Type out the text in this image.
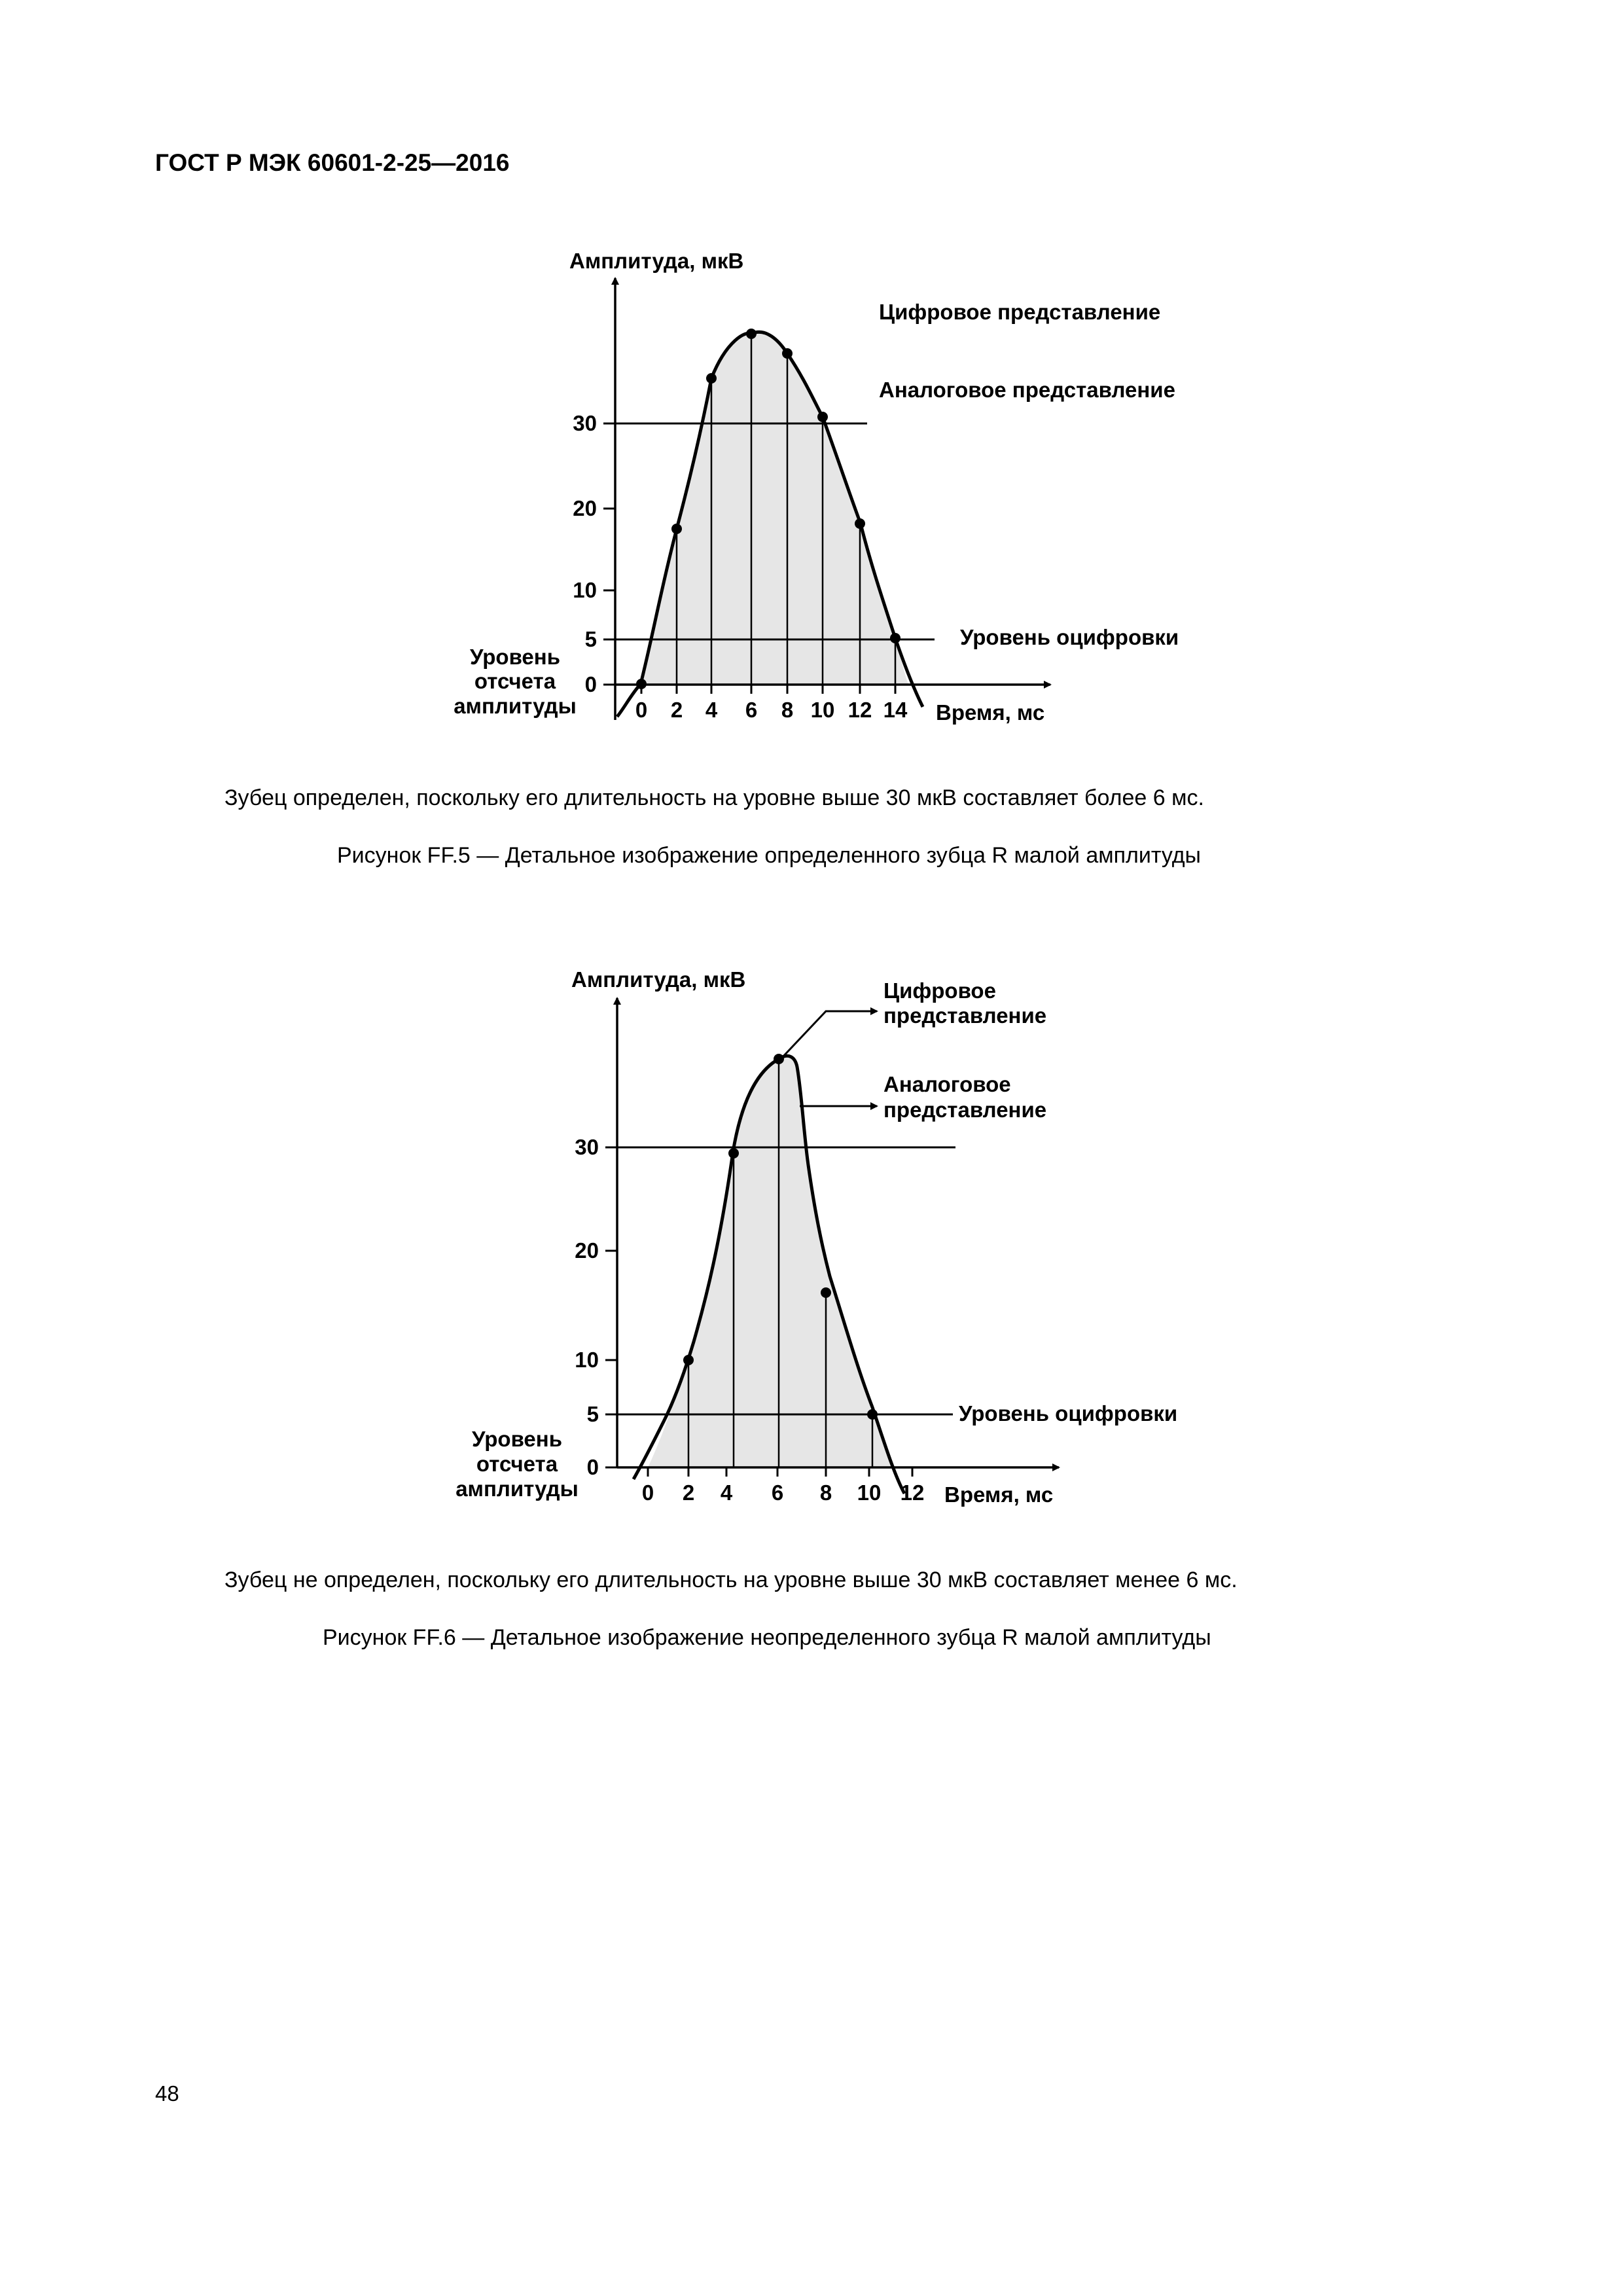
ГОСТ Р МЭК 60601-2-25—2016
0
5
10
20
30
0 2 4 6 8 10 12 14
Амплитуда, мкВ
Время, мс
Цифровое представление
Аналоговое представление
Уровень оцифровки
Уровень
отсчета
амплитуды
Зубец определен, поскольку его длительность на уровне выше 30 мкВ составляет более 6 мс.
Рисунок FF.5 — Детальное изображение определенного зубца R малой амплитуды
0
5
10
20
30
0 2 4 6 8 10 12
Амплитуда, мкВ
Время, мс
Цифровое
представление
Аналоговое
представление
Уровень оцифровки
Уровень
отсчета
амплитуды
Зубец не определен, поскольку его длительность на уровне выше 30 мкВ составляет менее 6 мс.
Рисунок FF.6 — Детальное изображение неопределенного зубца R малой амплитуды
48
